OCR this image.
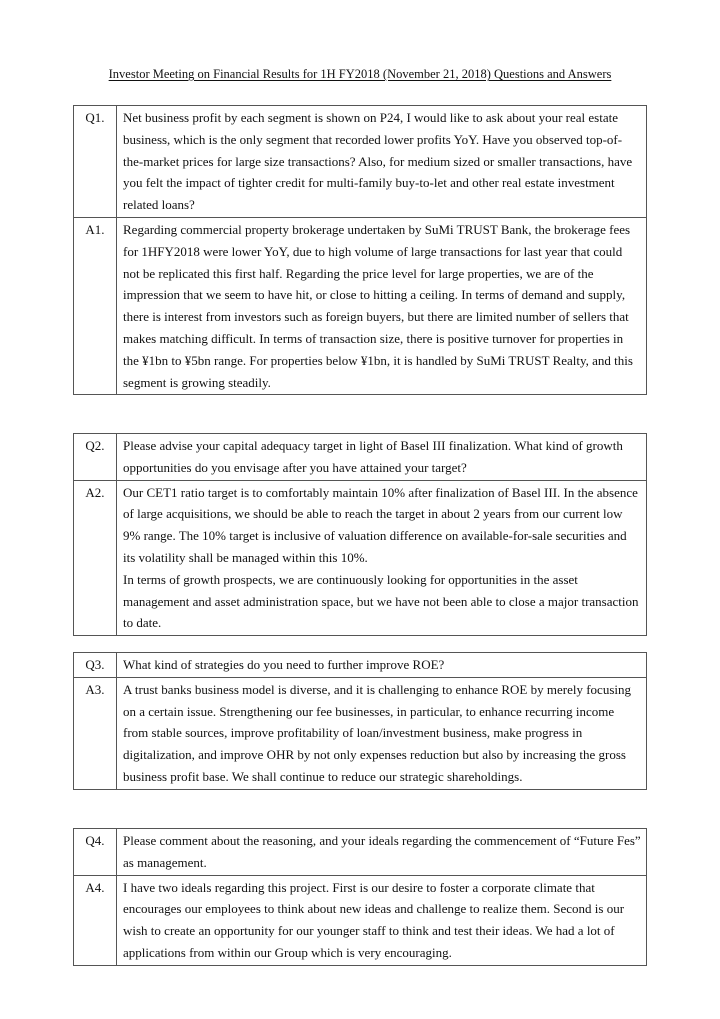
Investor Meeting on Financial Results for 1H FY2018 (November 21, 2018) Questions and Answers
Q1.	Net business profit by each segment is shown on P24, I would like to ask about your real estate business, which is the only segment that recorded lower profits YoY. Have you observed top-of-the-market prices for large size transactions? Also, for medium sized or smaller transactions, have you felt the impact of tighter credit for multi-family buy-to-let and other real estate investment related loans?
A1.	Regarding commercial property brokerage undertaken by SuMi TRUST Bank, the brokerage fees for 1HFY2018 were lower YoY, due to high volume of large transactions for last year that could not be replicated this first half. Regarding the price level for large properties, we are of the impression that we seem to have hit, or close to hitting a ceiling. In terms of demand and supply, there is interest from investors such as foreign buyers, but there are limited number of sellers that makes matching difficult. In terms of transaction size, there is positive turnover for properties in the ¥1bn to ¥5bn range. For properties below ¥1bn, it is handled by SuMi TRUST Realty, and this segment is growing steadily.

Q2.	Please advise your capital adequacy target in light of Basel III finalization. What kind of growth opportunities do you envisage after you have attained your target?
A2.	Our CET1 ratio target is to comfortably maintain 10% after finalization of Basel III. In the absence of large acquisitions, we should be able to reach the target in about 2 years from our current low 9% range. The 10% target is inclusive of valuation difference on available-for-sale securities and its volatility shall be managed within this 10%.

In terms of growth prospects, we are continuously looking for opportunities in the asset management and asset administration space, but we have not been able to close a major transaction to date.

Q3.	What kind of strategies do you need to further improve ROE?
A3.	A trust banks business model is diverse, and it is challenging to enhance ROE by merely focusing on a certain issue. Strengthening our fee businesses, in particular, to enhance recurring income from stable sources, improve profitability of loan/investment business, make progress in digitalization, and improve OHR by not only expenses reduction but also by increasing the gross business profit base. We shall continue to reduce our strategic shareholdings.

Q4.	Please comment about the reasoning, and your ideals regarding the commencement of “Future Fes” as management.
A4.	I have two ideals regarding this project. First is our desire to foster a corporate climate that encourages our employees to think about new ideas and challenge to realize them. Second is our wish to create an opportunity for our younger staff to think and test their ideas. We had a lot of applications from within our Group which is very encouraging.
